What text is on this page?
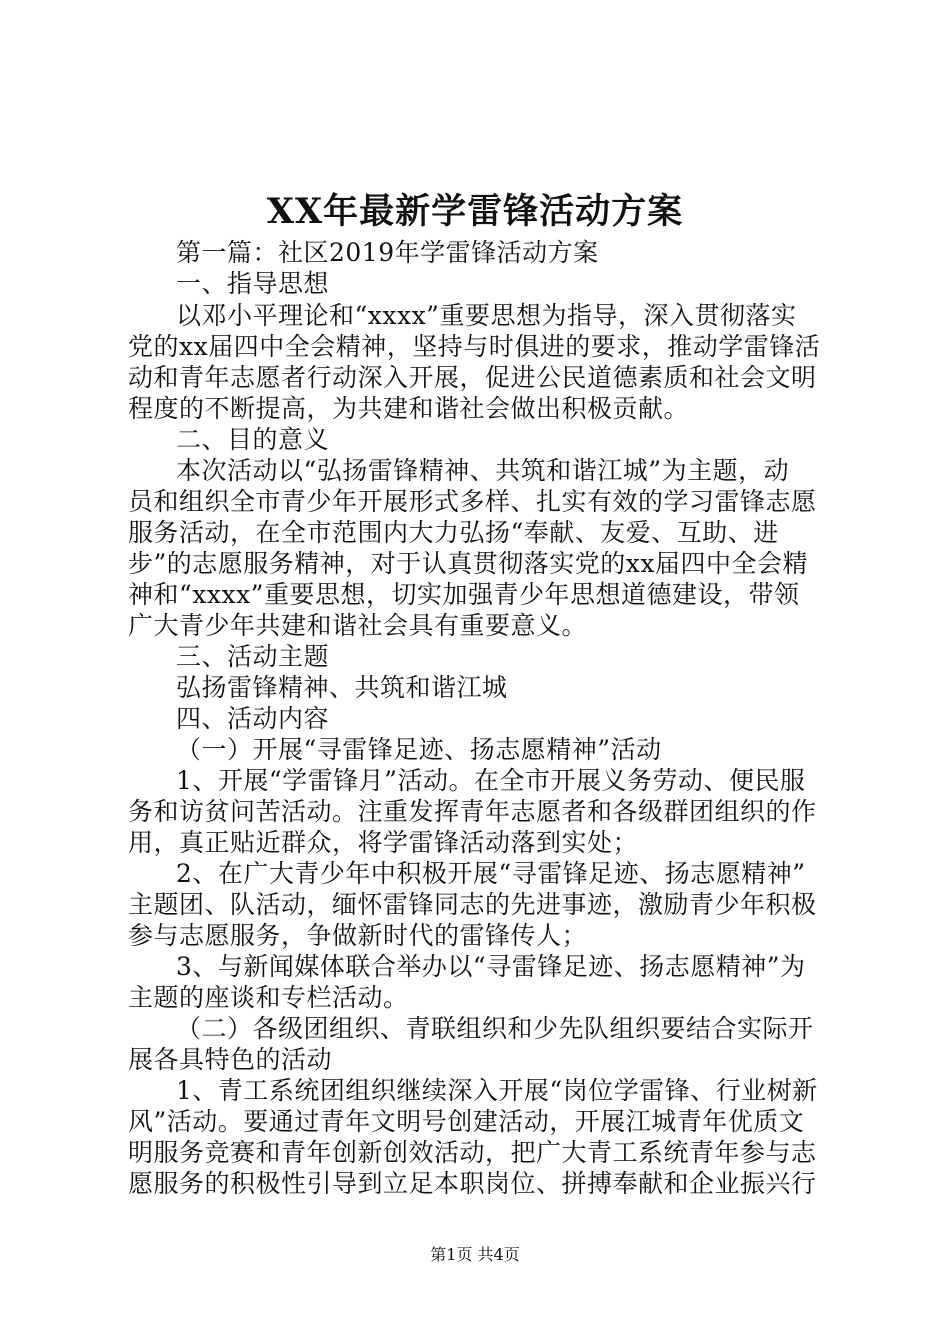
XX年最新学雷锋活动方案
第一篇：社区2019年学雷锋活动方案
一、指导思想
以邓小平理论和“xxxx”重要思想为指导，深入贯彻落实
党的xx届四中全会精神，坚持与时俱进的要求，推动学雷锋活
动和青年志愿者行动深入开展，促进公民道德素质和社会文明
程度的不断提高，为共建和谐社会做出积极贡献。
二、目的意义
本次活动以“弘扬雷锋精神、共筑和谐江城”为主题，动
员和组织全市青少年开展形式多样、扎实有效的学习雷锋志愿
服务活动，在全市范围内大力弘扬“奉献、友爱、互助、进
步”的志愿服务精神，对于认真贯彻落实党的xx届四中全会精
神和“xxxx”重要思想，切实加强青少年思想道德建设，带领
广大青少年共建和谐社会具有重要意义。
三、活动主题
弘扬雷锋精神、共筑和谐江城
四、活动内容
（一）开展“寻雷锋足迹、扬志愿精神”活动
1、开展“学雷锋月”活动。在全市开展义务劳动、便民服
务和访贫问苦活动。注重发挥青年志愿者和各级群团组织的作
用，真正贴近群众，将学雷锋活动落到实处；
2、在广大青少年中积极开展“寻雷锋足迹、扬志愿精神”
主题团、队活动，缅怀雷锋同志的先进事迹，激励青少年积极
参与志愿服务，争做新时代的雷锋传人；
3、与新闻媒体联合举办以“寻雷锋足迹、扬志愿精神”为
主题的座谈和专栏活动。
（二）各级团组织、青联组织和少先队组织要结合实际开
展各具特色的活动
1、青工系统团组织继续深入开展“岗位学雷锋、行业树新
风”活动。要通过青年文明号创建活动，开展江城青年优质文
明服务竞赛和青年创新创效活动，把广大青工系统青年参与志
愿服务的积极性引导到立足本职岗位、拼搏奉献和企业振兴行
第1页 共4页
